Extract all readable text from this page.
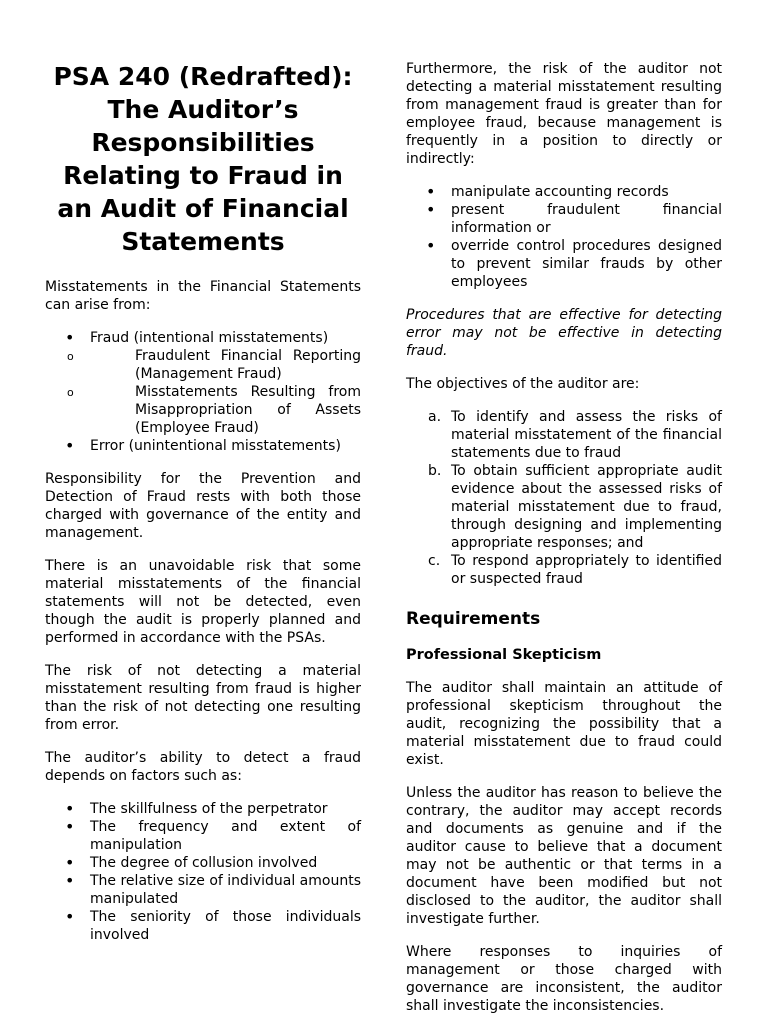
PSA 240 (Redrafted): The Auditor’s Responsibilities Relating to Fraud in an Audit of Financial Statements

Misstatements in the Financial Statements can arise from:

• Fraud (intentional misstatements)
o Fraudulent Financial Reporting (Management Fraud)
o Misstatements Resulting from Misappropriation of Assets (Employee Fraud)
• Error (unintentional misstatements)

Responsibility for the Prevention and Detection of Fraud rests with both those charged with governance of the entity and management.

There is an unavoidable risk that some material misstatements of the financial statements will not be detected, even though the audit is properly planned and performed in accordance with the PSAs.

The risk of not detecting a material misstatement resulting from fraud is higher than the risk of not detecting one resulting from error.

The auditor’s ability to detect a fraud depends on factors such as:

• The skillfulness of the perpetrator
• The frequency and extent of manipulation
• The degree of collusion involved
• The relative size of individual amounts manipulated
• The seniority of those individuals involved

Furthermore, the risk of the auditor not detecting a material misstatement resulting from management fraud is greater than for employee fraud, because management is frequently in a position to directly or indirectly:

• manipulate accounting records
• present fraudulent financial information or
• override control procedures designed to prevent similar frauds by other employees

Procedures that are effective for detecting error may not be effective in detecting fraud.

The objectives of the auditor are:

a. To identify and assess the risks of material misstatement of the financial statements due to fraud
b. To obtain sufficient appropriate audit evidence about the assessed risks of material misstatement due to fraud, through designing and implementing appropriate responses; and
c. To respond appropriately to identified or suspected fraud
Requirements
Professional Skepticism

The auditor shall maintain an attitude of professional skepticism throughout the audit, recognizing the possibility that a material misstatement due to fraud could exist.

Unless the auditor has reason to believe the contrary, the auditor may accept records and documents as genuine and if the auditor cause to believe that a document may not be authentic or that terms in a document have been modified but not disclosed to the auditor, the auditor shall investigate further.

Where responses to inquiries of management or those charged with governance are inconsistent, the auditor shall investigate the inconsistencies.
